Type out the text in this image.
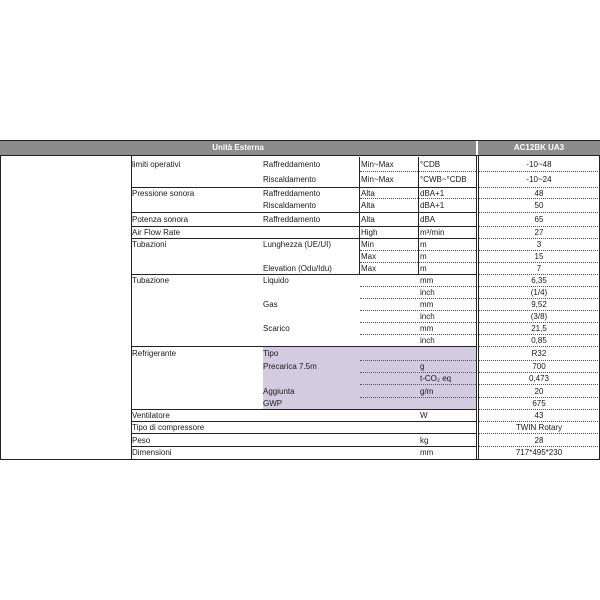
Unità Esterna	AC12BK UA3
limiti operativi	Raffreddamento	Min~Max	°CDB	-10~48
Riscaldamento	Min~Max	°CWB~°CDB	-10~24
Pressione sonora	Raffreddamento	Alta	dBA+1	48
Riscaldamento	Alta	dBA+1	50
Potenza sonora	Raffreddamento	Alta	dBA	65
Air Flow Rate	High	m³/min	27
Tubazioni	Lunghezza (UE/UI)	Min	m	3
Max	m	15
Elevation (Odu/Idu)	Max	m	7
Tubazione	Liquido	mm	6,35
inch	(1/4)
Gas	mm	9,52
inch	(3/8)
Scarico	mm	21,5
inch	0,85
Refrigerante	Tipo	R32
Precarica 7.5m	g	700
t-CO₂ eq	0,473
Aggiunta	g/m	20
GWP	675
Ventilatore	W	43
Tipo di compressore	TWIN Rotary
Peso	kg	28
Dimensioni	mm	717*495*230
